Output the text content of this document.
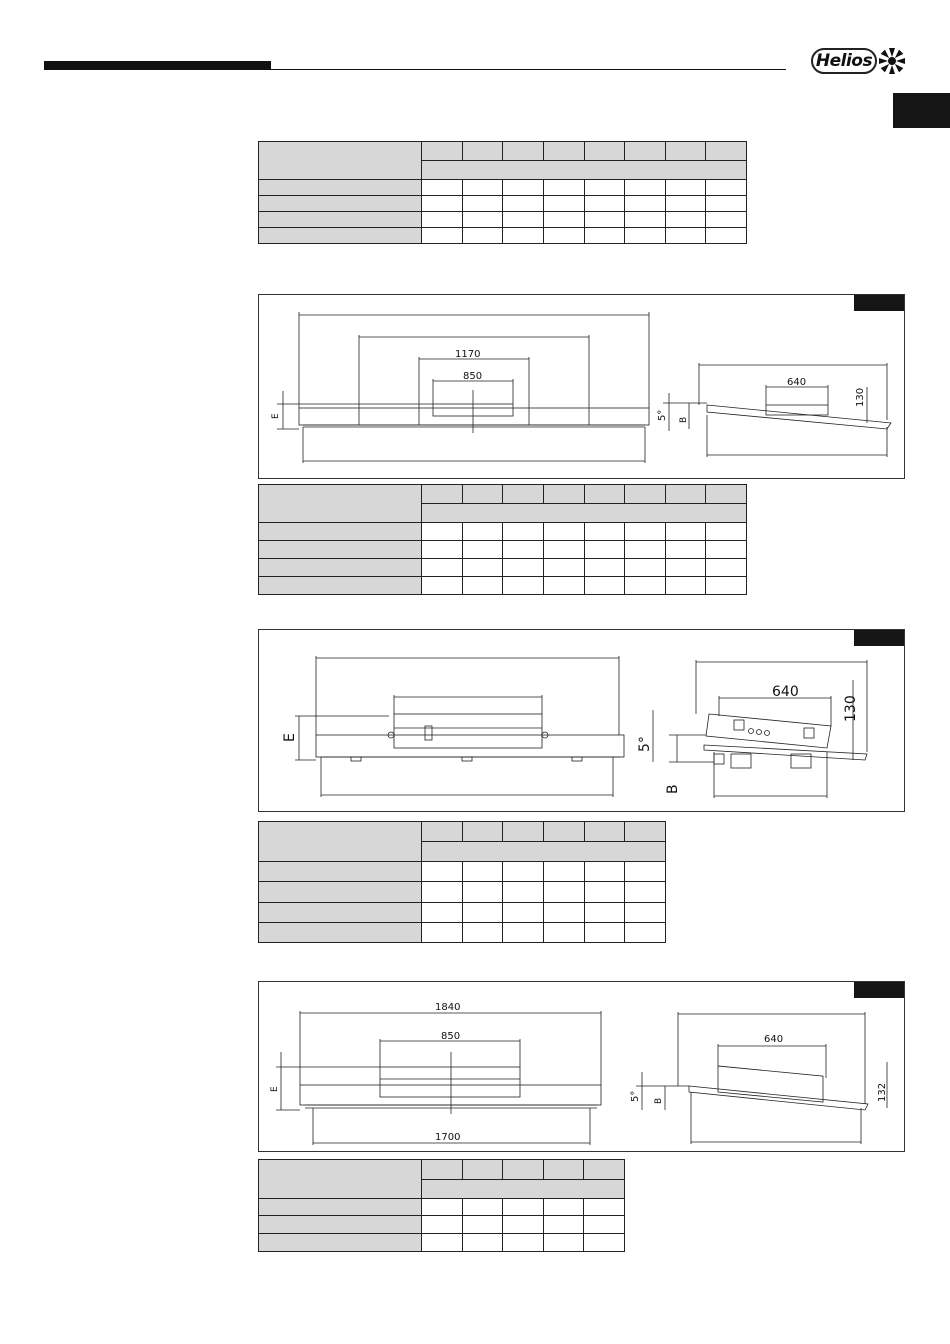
Helios

1170
850
E
640
130
5° B

E
640
130
5°
B

1840
850
1700
E
640
132
5° B
